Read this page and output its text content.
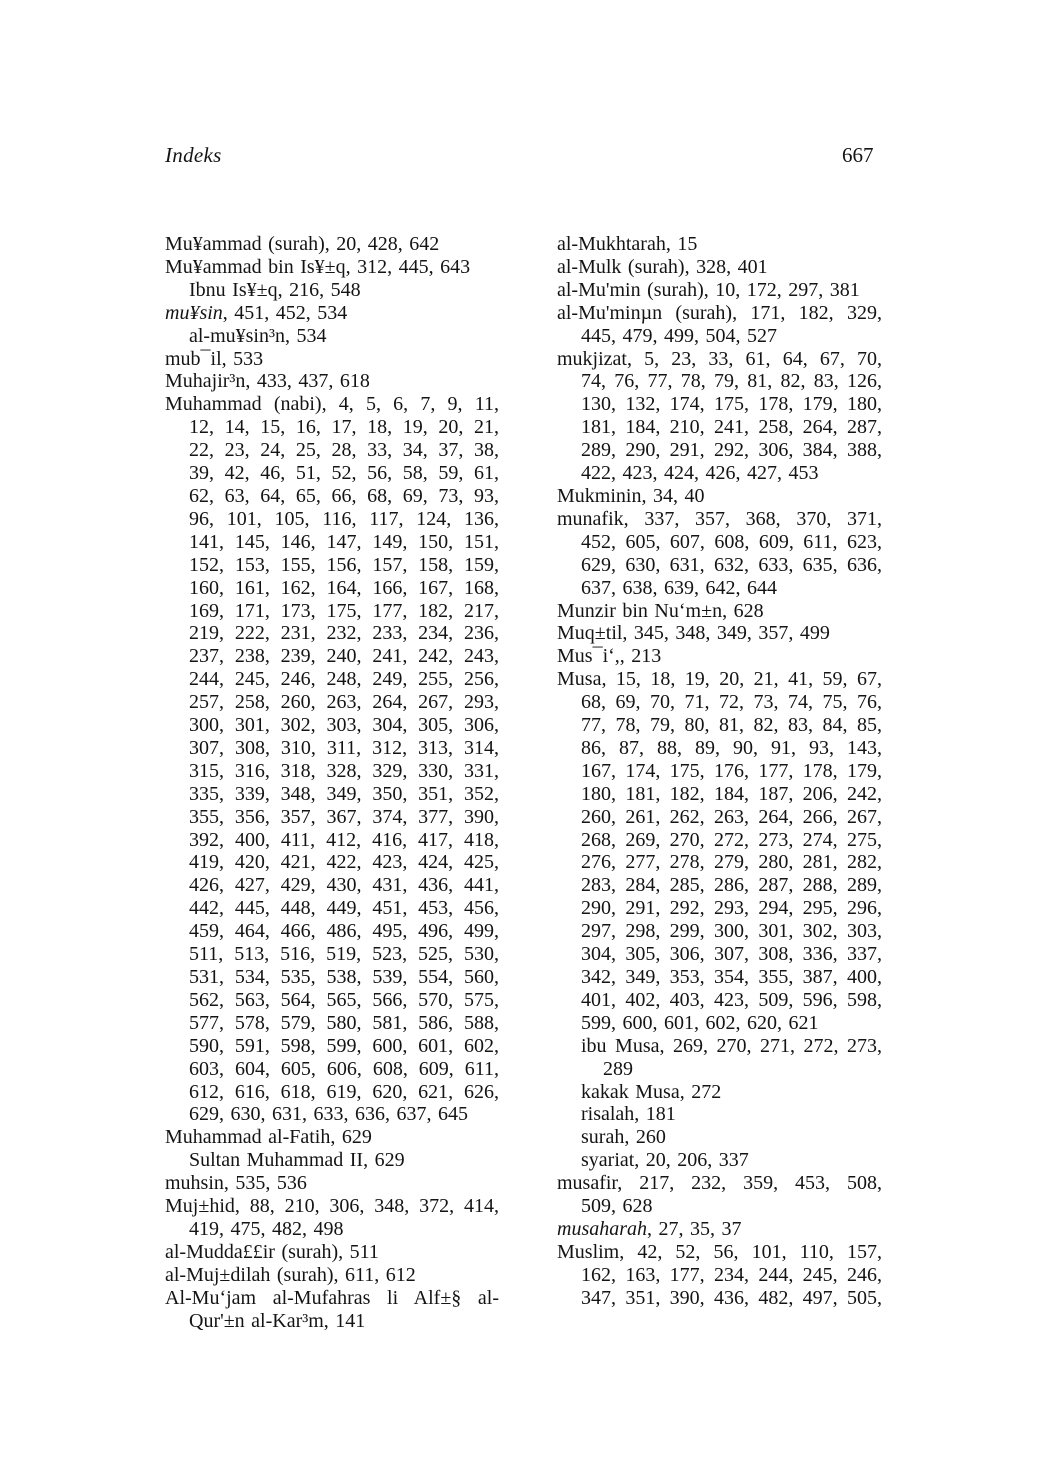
Indeks	667
Mu¥ammad (surah), 20, 428, 642
Mu¥ammad bin Is¥±q, 312, 445, 643
Ibnu Is¥±q, 216, 548
mu¥sin, 451, 452, 534
al-mu¥sin³n, 534
mub¯il, 533
Muhajir³n, 433, 437, 618
Muhammad (nabi), 4, 5, 6, 7, 9, 11,
12, 14, 15, 16, 17, 18, 19, 20, 21,
22, 23, 24, 25, 28, 33, 34, 37, 38,
39, 42, 46, 51, 52, 56, 58, 59, 61,
62, 63, 64, 65, 66, 68, 69, 73, 93,
96, 101, 105, 116, 117, 124, 136,
141, 145, 146, 147, 149, 150, 151,
152, 153, 155, 156, 157, 158, 159,
160, 161, 162, 164, 166, 167, 168,
169, 171, 173, 175, 177, 182, 217,
219, 222, 231, 232, 233, 234, 236,
237, 238, 239, 240, 241, 242, 243,
244, 245, 246, 248, 249, 255, 256,
257, 258, 260, 263, 264, 267, 293,
300, 301, 302, 303, 304, 305, 306,
307, 308, 310, 311, 312, 313, 314,
315, 316, 318, 328, 329, 330, 331,
335, 339, 348, 349, 350, 351, 352,
355, 356, 357, 367, 374, 377, 390,
392, 400, 411, 412, 416, 417, 418,
419, 420, 421, 422, 423, 424, 425,
426, 427, 429, 430, 431, 436, 441,
442, 445, 448, 449, 451, 453, 456,
459, 464, 466, 486, 495, 496, 499,
511, 513, 516, 519, 523, 525, 530,
531, 534, 535, 538, 539, 554, 560,
562, 563, 564, 565, 566, 570, 575,
577, 578, 579, 580, 581, 586, 588,
590, 591, 598, 599, 600, 601, 602,
603, 604, 605, 606, 608, 609, 611,
612, 616, 618, 619, 620, 621, 626,
629, 630, 631, 633, 636, 637, 645
Muhammad al-Fatih, 629
Sultan Muhammad II, 629
muhsin, 535, 536
Muj±hid, 88, 210, 306, 348, 372, 414,
419, 475, 482, 498
al-Mudda££ir (surah), 511
al-Muj±dilah (surah), 611, 612
Al-Mu‘jam al-Mufahras li Alf±§ al-
Qur'±n al-Kar³m, 141
al-Mukhtarah, 15
al-Mulk (surah), 328, 401
al-Mu'min (surah), 10, 172, 297, 381
al-Mu'minµn (surah), 171, 182, 329,
445, 479, 499, 504, 527
mukjizat, 5, 23, 33, 61, 64, 67, 70,
74, 76, 77, 78, 79, 81, 82, 83, 126,
130, 132, 174, 175, 178, 179, 180,
181, 184, 210, 241, 258, 264, 287,
289, 290, 291, 292, 306, 384, 388,
422, 423, 424, 426, 427, 453
Mukminin, 34, 40
munafik, 337, 357, 368, 370, 371,
452, 605, 607, 608, 609, 611, 623,
629, 630, 631, 632, 633, 635, 636,
637, 638, 639, 642, 644
Munzir bin Nu‘m±n, 628
Muq±til, 345, 348, 349, 357, 499
Mus¯i‘,, 213
Musa, 15, 18, 19, 20, 21, 41, 59, 67,
68, 69, 70, 71, 72, 73, 74, 75, 76,
77, 78, 79, 80, 81, 82, 83, 84, 85,
86, 87, 88, 89, 90, 91, 93, 143,
167, 174, 175, 176, 177, 178, 179,
180, 181, 182, 184, 187, 206, 242,
260, 261, 262, 263, 264, 266, 267,
268, 269, 270, 272, 273, 274, 275,
276, 277, 278, 279, 280, 281, 282,
283, 284, 285, 286, 287, 288, 289,
290, 291, 292, 293, 294, 295, 296,
297, 298, 299, 300, 301, 302, 303,
304, 305, 306, 307, 308, 336, 337,
342, 349, 353, 354, 355, 387, 400,
401, 402, 403, 423, 509, 596, 598,
599, 600, 601, 602, 620, 621
ibu Musa, 269, 270, 271, 272, 273,
289
kakak Musa, 272
risalah, 181
surah, 260
syariat, 20, 206, 337
musafir, 217, 232, 359, 453, 508,
509, 628
musaharah, 27, 35, 37
Muslim, 42, 52, 56, 101, 110, 157,
162, 163, 177, 234, 244, 245, 246,
347, 351, 390, 436, 482, 497, 505,
